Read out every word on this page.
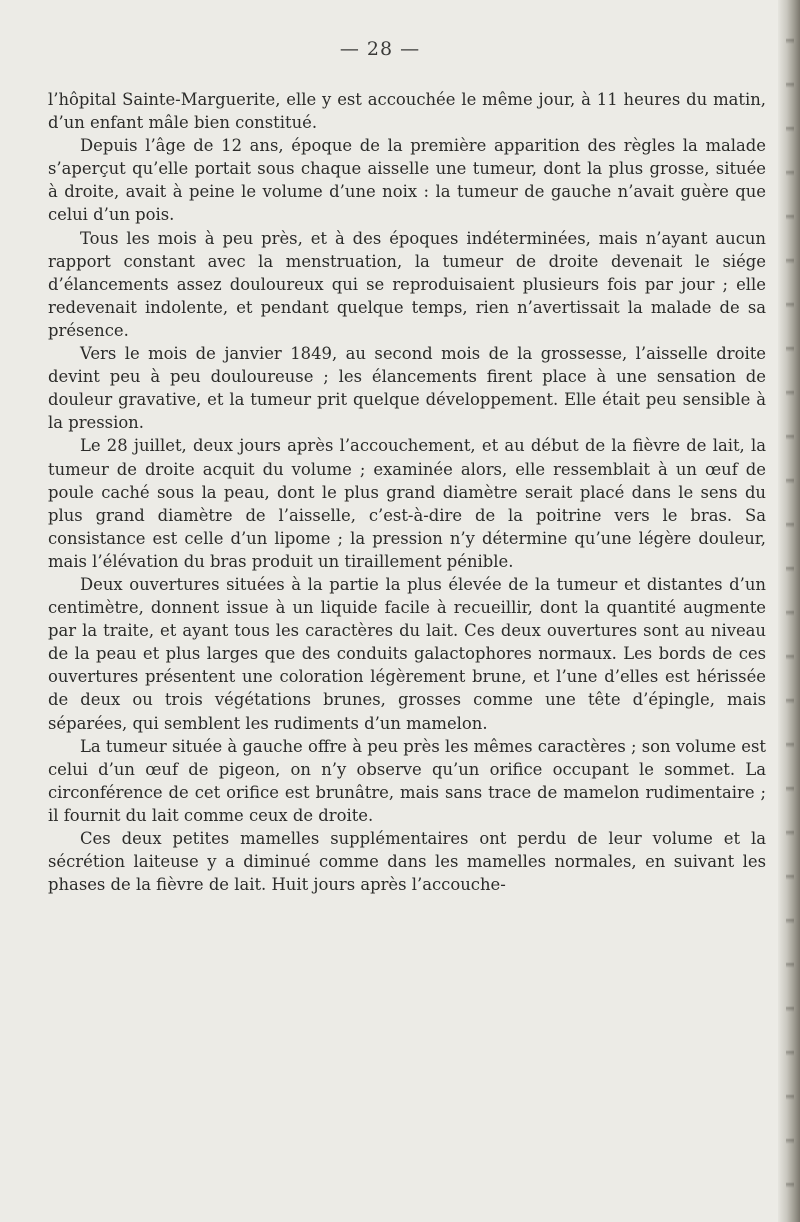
— 28 —

l’hôpital Sainte-Marguerite, elle y est accouchée le même jour, à 11 heures du matin, d’un enfant mâle bien constitué.

Depuis l’âge de 12 ans, époque de la première apparition des règles la malade s’aperçut qu’elle portait sous chaque aisselle une tumeur, dont la plus grosse, située à droite, avait à peine le volume d’une noix : la tumeur de gauche n’avait guère que celui d’un pois.

Tous les mois à peu près, et à des époques indéterminées, mais n’ayant aucun rapport constant avec la menstruation, la tumeur de droite devenait le siége d’élancements assez douloureux qui se reproduisaient plusieurs fois par jour ; elle redevenait indolente, et pendant quelque temps, rien n’avertissait la malade de sa présence.

Vers le mois de janvier 1849, au second mois de la grossesse, l’aisselle droite devint peu à peu douloureuse ; les élancements firent place à une sensation de douleur gravative, et la tumeur prit quelque développement. Elle était peu sensible à la pression.

Le 28 juillet, deux jours après l’accouchement, et au début de la fièvre de lait, la tumeur de droite acquit du volume ; examinée alors, elle ressemblait à un œuf de poule caché sous la peau, dont le plus grand diamètre serait placé dans le sens du plus grand diamètre de l’aisselle, c’est-à-dire de la poitrine vers le bras. Sa consistance est celle d’un lipome ; la pression n’y détermine qu’une légère douleur, mais l’élévation du bras produit un tiraillement pénible.

Deux ouvertures situées à la partie la plus élevée de la tumeur et distantes d’un centimètre, donnent issue à un liquide facile à recueillir, dont la quantité augmente par la traite, et ayant tous les caractères du lait. Ces deux ouvertures sont au niveau de la peau et plus larges que des conduits galactophores normaux. Les bords de ces ouvertures présentent une coloration légèrement brune, et l’une d’elles est hérissée de deux ou trois végétations brunes, grosses comme une tête d’épingle, mais séparées, qui semblent les rudiments d’un mamelon.

La tumeur située à gauche offre à peu près les mêmes caractères ; son volume est celui d’un œuf de pigeon, on n’y observe qu’un orifice occupant le sommet. La circonférence de cet orifice est brunâtre, mais sans trace de mamelon rudimentaire ; il fournit du lait comme ceux de droite.

Ces deux petites mamelles supplémentaires ont perdu de leur volume et la sécrétion laiteuse y a diminué comme dans les mamelles normales, en suivant les phases de la fièvre de lait. Huit jours après l’accouche-
